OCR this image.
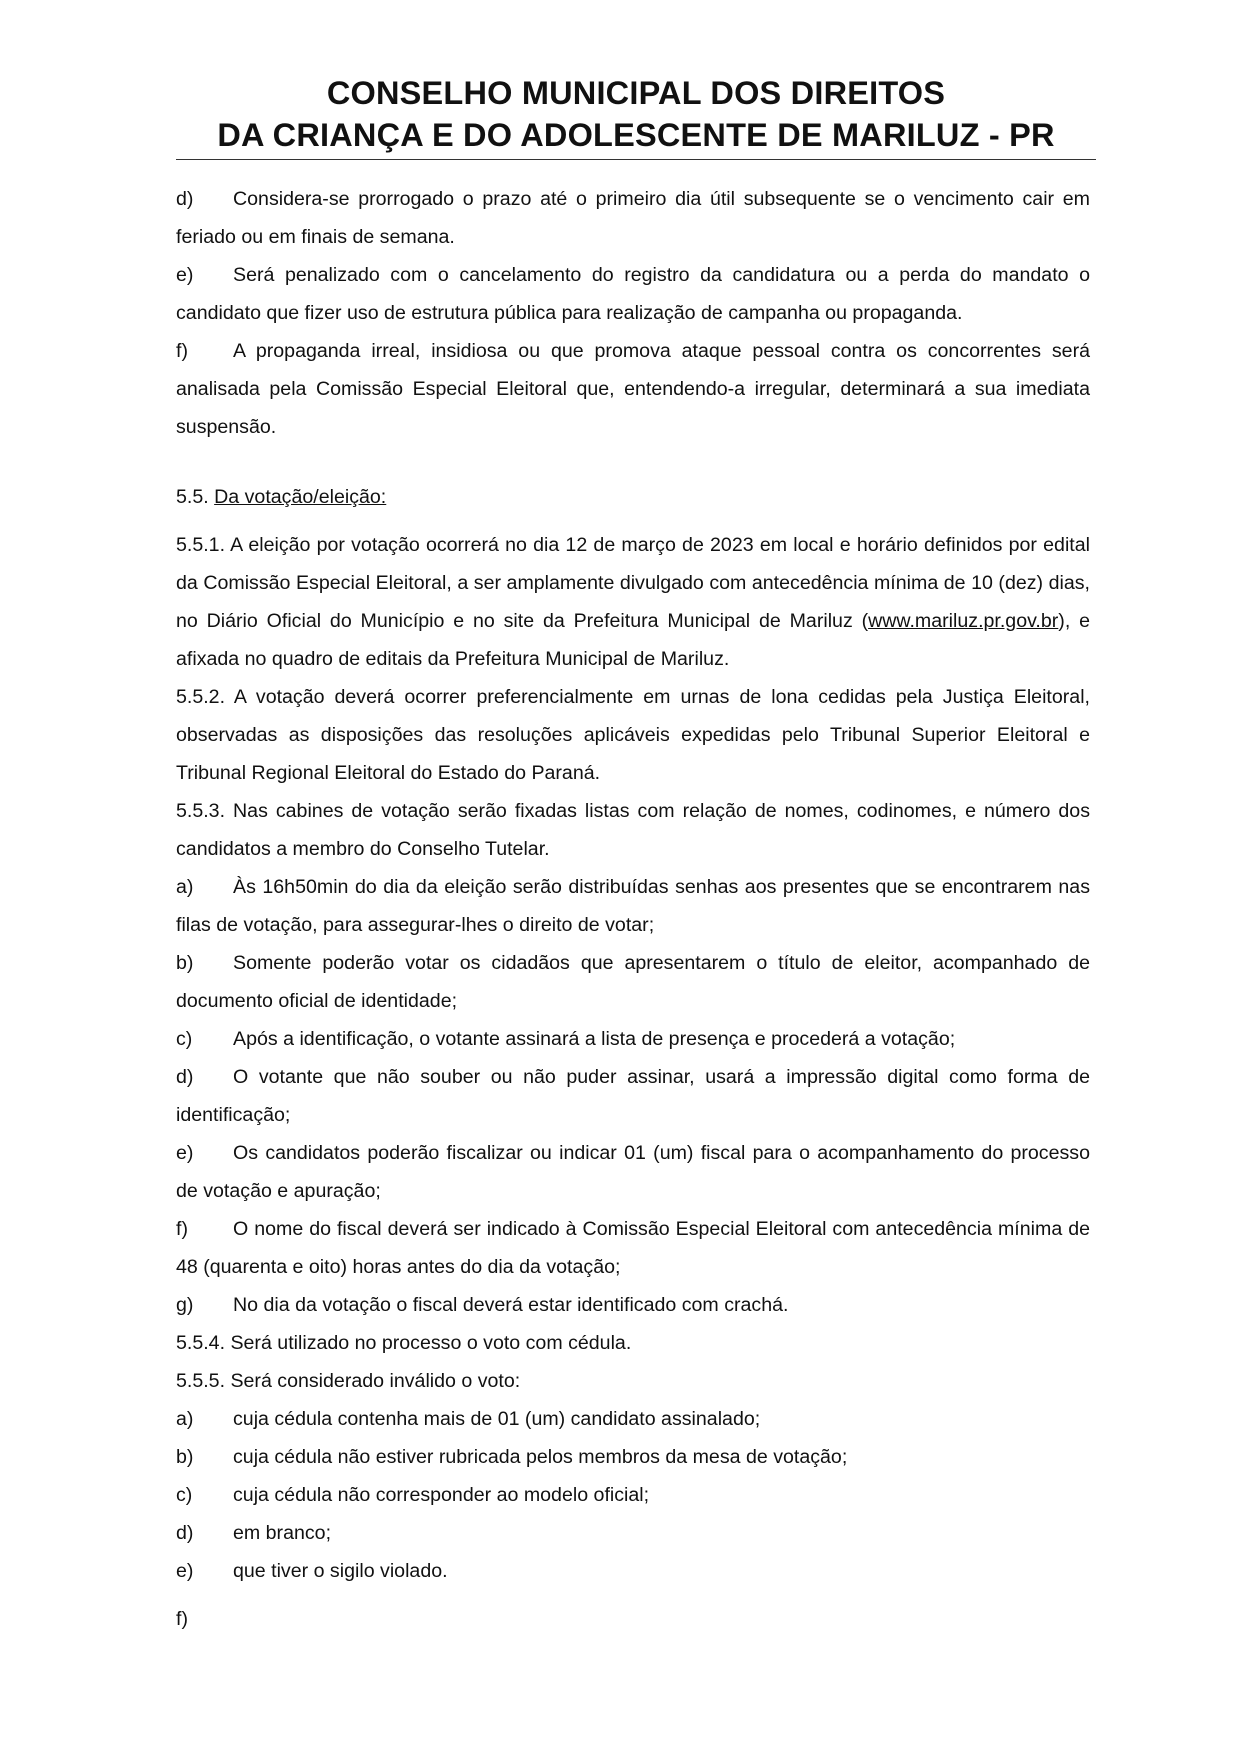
CONSELHO MUNICIPAL DOS DIREITOS
DA CRIANÇA E DO ADOLESCENTE DE MARILUZ - PR
d) Considera-se prorrogado o prazo até o primeiro dia útil subsequente se o vencimento cair em feriado ou em finais de semana.
e) Será penalizado com o cancelamento do registro da candidatura ou a perda do mandato o candidato que fizer uso de estrutura pública para realização de campanha ou propaganda.
f) A propaganda irreal, insidiosa ou que promova ataque pessoal contra os concorrentes será analisada pela Comissão Especial Eleitoral que, entendendo-a irregular, determinará a sua imediata suspensão.
5.5. Da votação/eleição:
5.5.1. A eleição por votação ocorrerá no dia 12 de março de 2023 em local e horário definidos por edital da Comissão Especial Eleitoral, a ser amplamente divulgado com antecedência mínima de 10 (dez) dias, no Diário Oficial do Município e no site da Prefeitura Municipal de Mariluz (www.mariluz.pr.gov.br), e afixada no quadro de editais da Prefeitura Municipal de Mariluz.
5.5.2. A votação deverá ocorrer preferencialmente em urnas de lona cedidas pela Justiça Eleitoral, observadas as disposições das resoluções aplicáveis expedidas pelo Tribunal Superior Eleitoral e Tribunal Regional Eleitoral do Estado do Paraná.
5.5.3. Nas cabines de votação serão fixadas listas com relação de nomes, codinomes, e número dos candidatos a membro do Conselho Tutelar.
a) Às 16h50min do dia da eleição serão distribuídas senhas aos presentes que se encontrarem nas filas de votação, para assegurar-lhes o direito de votar;
b) Somente poderão votar os cidadãos que apresentarem o título de eleitor, acompanhado de documento oficial de identidade;
c) Após a identificação, o votante assinará a lista de presença e procederá a votação;
d) O votante que não souber ou não puder assinar, usará a impressão digital como forma de identificação;
e) Os candidatos poderão fiscalizar ou indicar 01 (um) fiscal para o acompanhamento do processo de votação e apuração;
f) O nome do fiscal deverá ser indicado à Comissão Especial Eleitoral com antecedência mínima de 48 (quarenta e oito) horas antes do dia da votação;
g) No dia da votação o fiscal deverá estar identificado com crachá.
5.5.4. Será utilizado no processo o voto com cédula.
5.5.5. Será considerado inválido o voto:
a) cuja cédula contenha mais de 01 (um) candidato assinalado;
b) cuja cédula não estiver rubricada pelos membros da mesa de votação;
c) cuja cédula não corresponder ao modelo oficial;
d) em branco;
e) que tiver o sigilo violado.
f)
